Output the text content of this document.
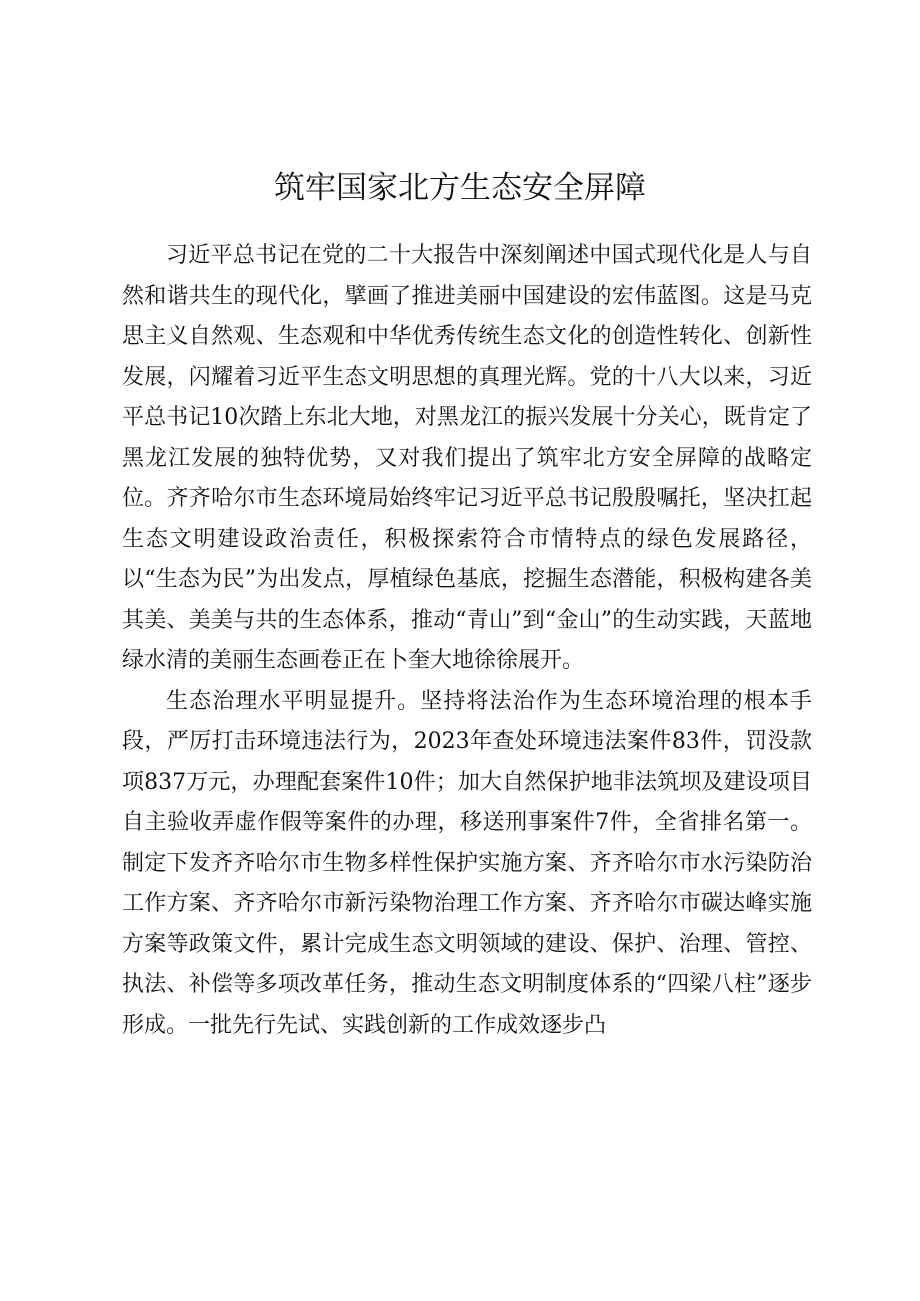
筑牢国家北方生态安全屏障

习近平总书记在党的二十大报告中深刻阐述中国式现代化是人与自然和谐共生的现代化，擘画了推进美丽中国建设的宏伟蓝图。这是马克思主义自然观、生态观和中华优秀传统生态文化的创造性转化、创新性发展，闪耀着习近平生态文明思想的真理光辉。党的十八大以来，习近平总书记10次踏上东北大地，对黑龙江的振兴发展十分关心，既肯定了黑龙江发展的独特优势，又对我们提出了筑牢北方安全屏障的战略定位。齐齐哈尔市生态环境局始终牢记习近平总书记殷殷嘱托，坚决扛起生态文明建设政治责任，积极探索符合市情特点的绿色发展路径，以“生态为民”为出发点，厚植绿色基底，挖掘生态潜能，积极构建各美其美、美美与共的生态体系，推动“青山”到“金山”的生动实践，天蓝地绿水清的美丽生态画卷正在卜奎大地徐徐展开。

生态治理水平明显提升。坚持将法治作为生态环境治理的根本手段，严厉打击环境违法行为，2023年查处环境违法案件83件，罚没款项837万元，办理配套案件10件；加大自然保护地非法筑坝及建设项目自主验收弄虚作假等案件的办理，移送刑事案件7件，全省排名第一。制定下发齐齐哈尔市生物多样性保护实施方案、齐齐哈尔市水污染防治工作方案、齐齐哈尔市新污染物治理工作方案、齐齐哈尔市碳达峰实施方案等政策文件，累计完成生态文明领域的建设、保护、治理、管控、执法、补偿等多项改革任务，推动生态文明制度体系的“四梁八柱”逐步形成。一批先行先试、实践创新的工作成效逐步凸
